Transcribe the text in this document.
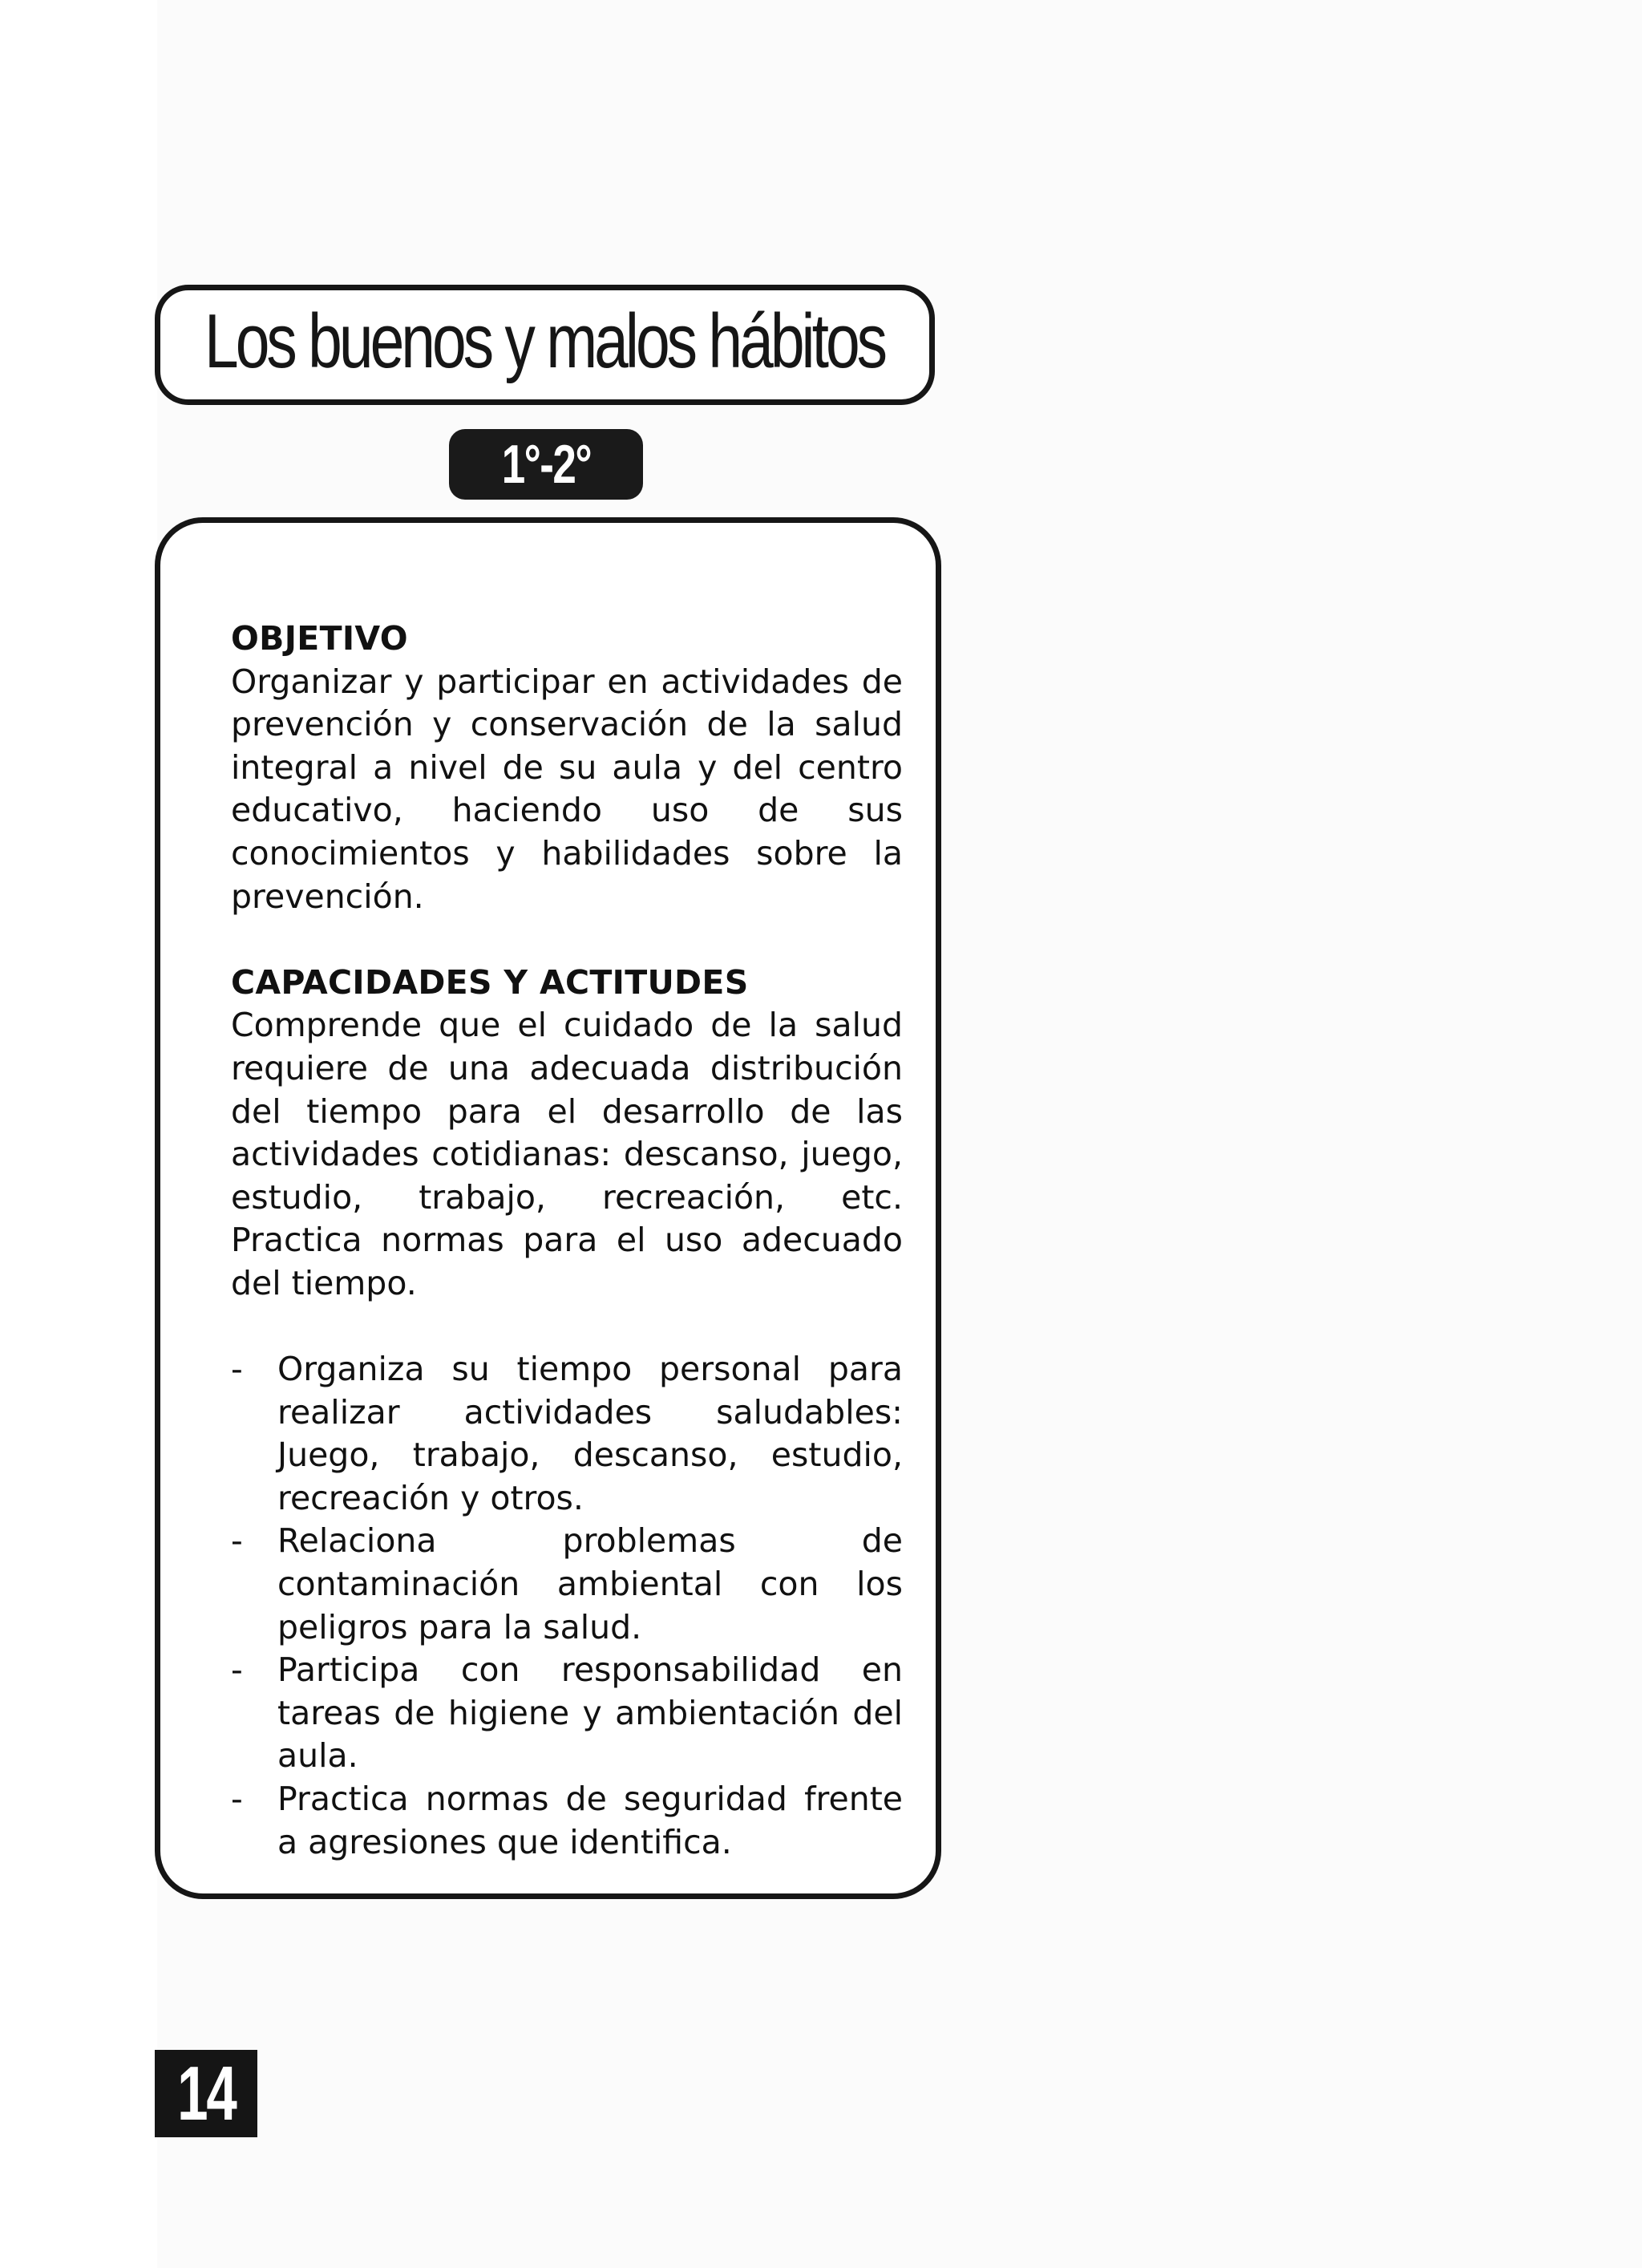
Los buenos y malos hábitos
1°-2°

OBJETIVO

Organizar y participar en actividades de prevención y conservación de la salud integral a nivel de su aula y del centro educativo, haciendo uso de sus conocimientos y habilidades sobre la prevención.

CAPACIDADES Y ACTITUDES

Comprende que el cuidado de la salud requiere de una adecuada distribución del tiempo para el desarrollo de las actividades cotidianas: descanso, juego, estudio, trabajo, recreación, etc. Practica normas para el uso adecuado del tiempo.

- Organiza su tiempo personal para realizar actividades saludables: Juego, trabajo, descanso, estudio, recreación y otros.
- Relaciona problemas de contaminación ambiental con los peligros para la salud.
- Participa con responsabilidad en tareas de higiene y ambientación del aula.
- Practica normas de seguridad frente a agresiones que identifica.
14
